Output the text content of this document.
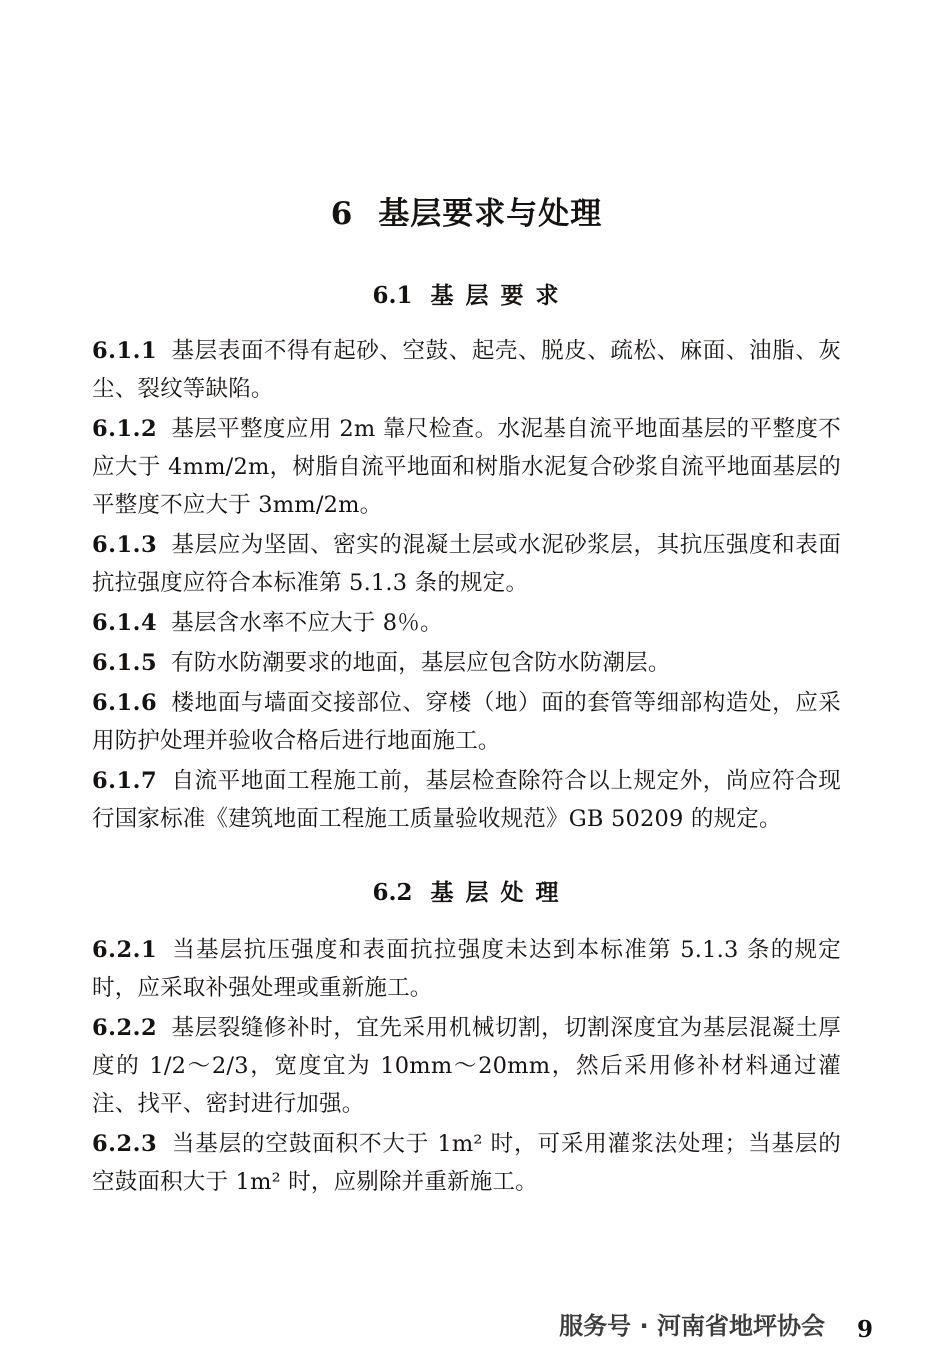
6 基层要求与处理
6.1 基 层 要 求

6.1.1 基层表面不得有起砂、空鼓、起壳、脱皮、疏松、麻面、油脂、灰尘、裂纹等缺陷。

6.1.2 基层平整度应用 2m 靠尺检查。水泥基自流平地面基层的平整度不应大于 4mm/2m，树脂自流平地面和树脂水泥复合砂浆自流平地面基层的平整度不应大于 3mm/2m。

6.1.3 基层应为坚固、密实的混凝土层或水泥砂浆层，其抗压强度和表面抗拉强度应符合本标准第 5.1.3 条的规定。

6.1.4 基层含水率不应大于 8％。

6.1.5 有防水防潮要求的地面，基层应包含防水防潮层。

6.1.6 楼地面与墙面交接部位、穿楼（地）面的套管等细部构造处，应采用防护处理并验收合格后进行地面施工。

6.1.7 自流平地面工程施工前，基层检查除符合以上规定外，尚应符合现行国家标准《建筑地面工程施工质量验收规范》GB 50209 的规定。

6.2 基 层 处 理

6.2.1 当基层抗压强度和表面抗拉强度未达到本标准第 5.1.3 条的规定时，应采取补强处理或重新施工。

6.2.2 基层裂缝修补时，宜先采用机械切割，切割深度宜为基层混凝土厚度的 1/2～2/3，宽度宜为 10mm～20mm，然后采用修补材料通过灌注、找平、密封进行加强。

6.2.3 当基层的空鼓面积不大于 1m² 时，可采用灌浆法处理；当基层的空鼓面积大于 1m² 时，应剔除并重新施工。

服务号 · 河南省地坪协会 9
